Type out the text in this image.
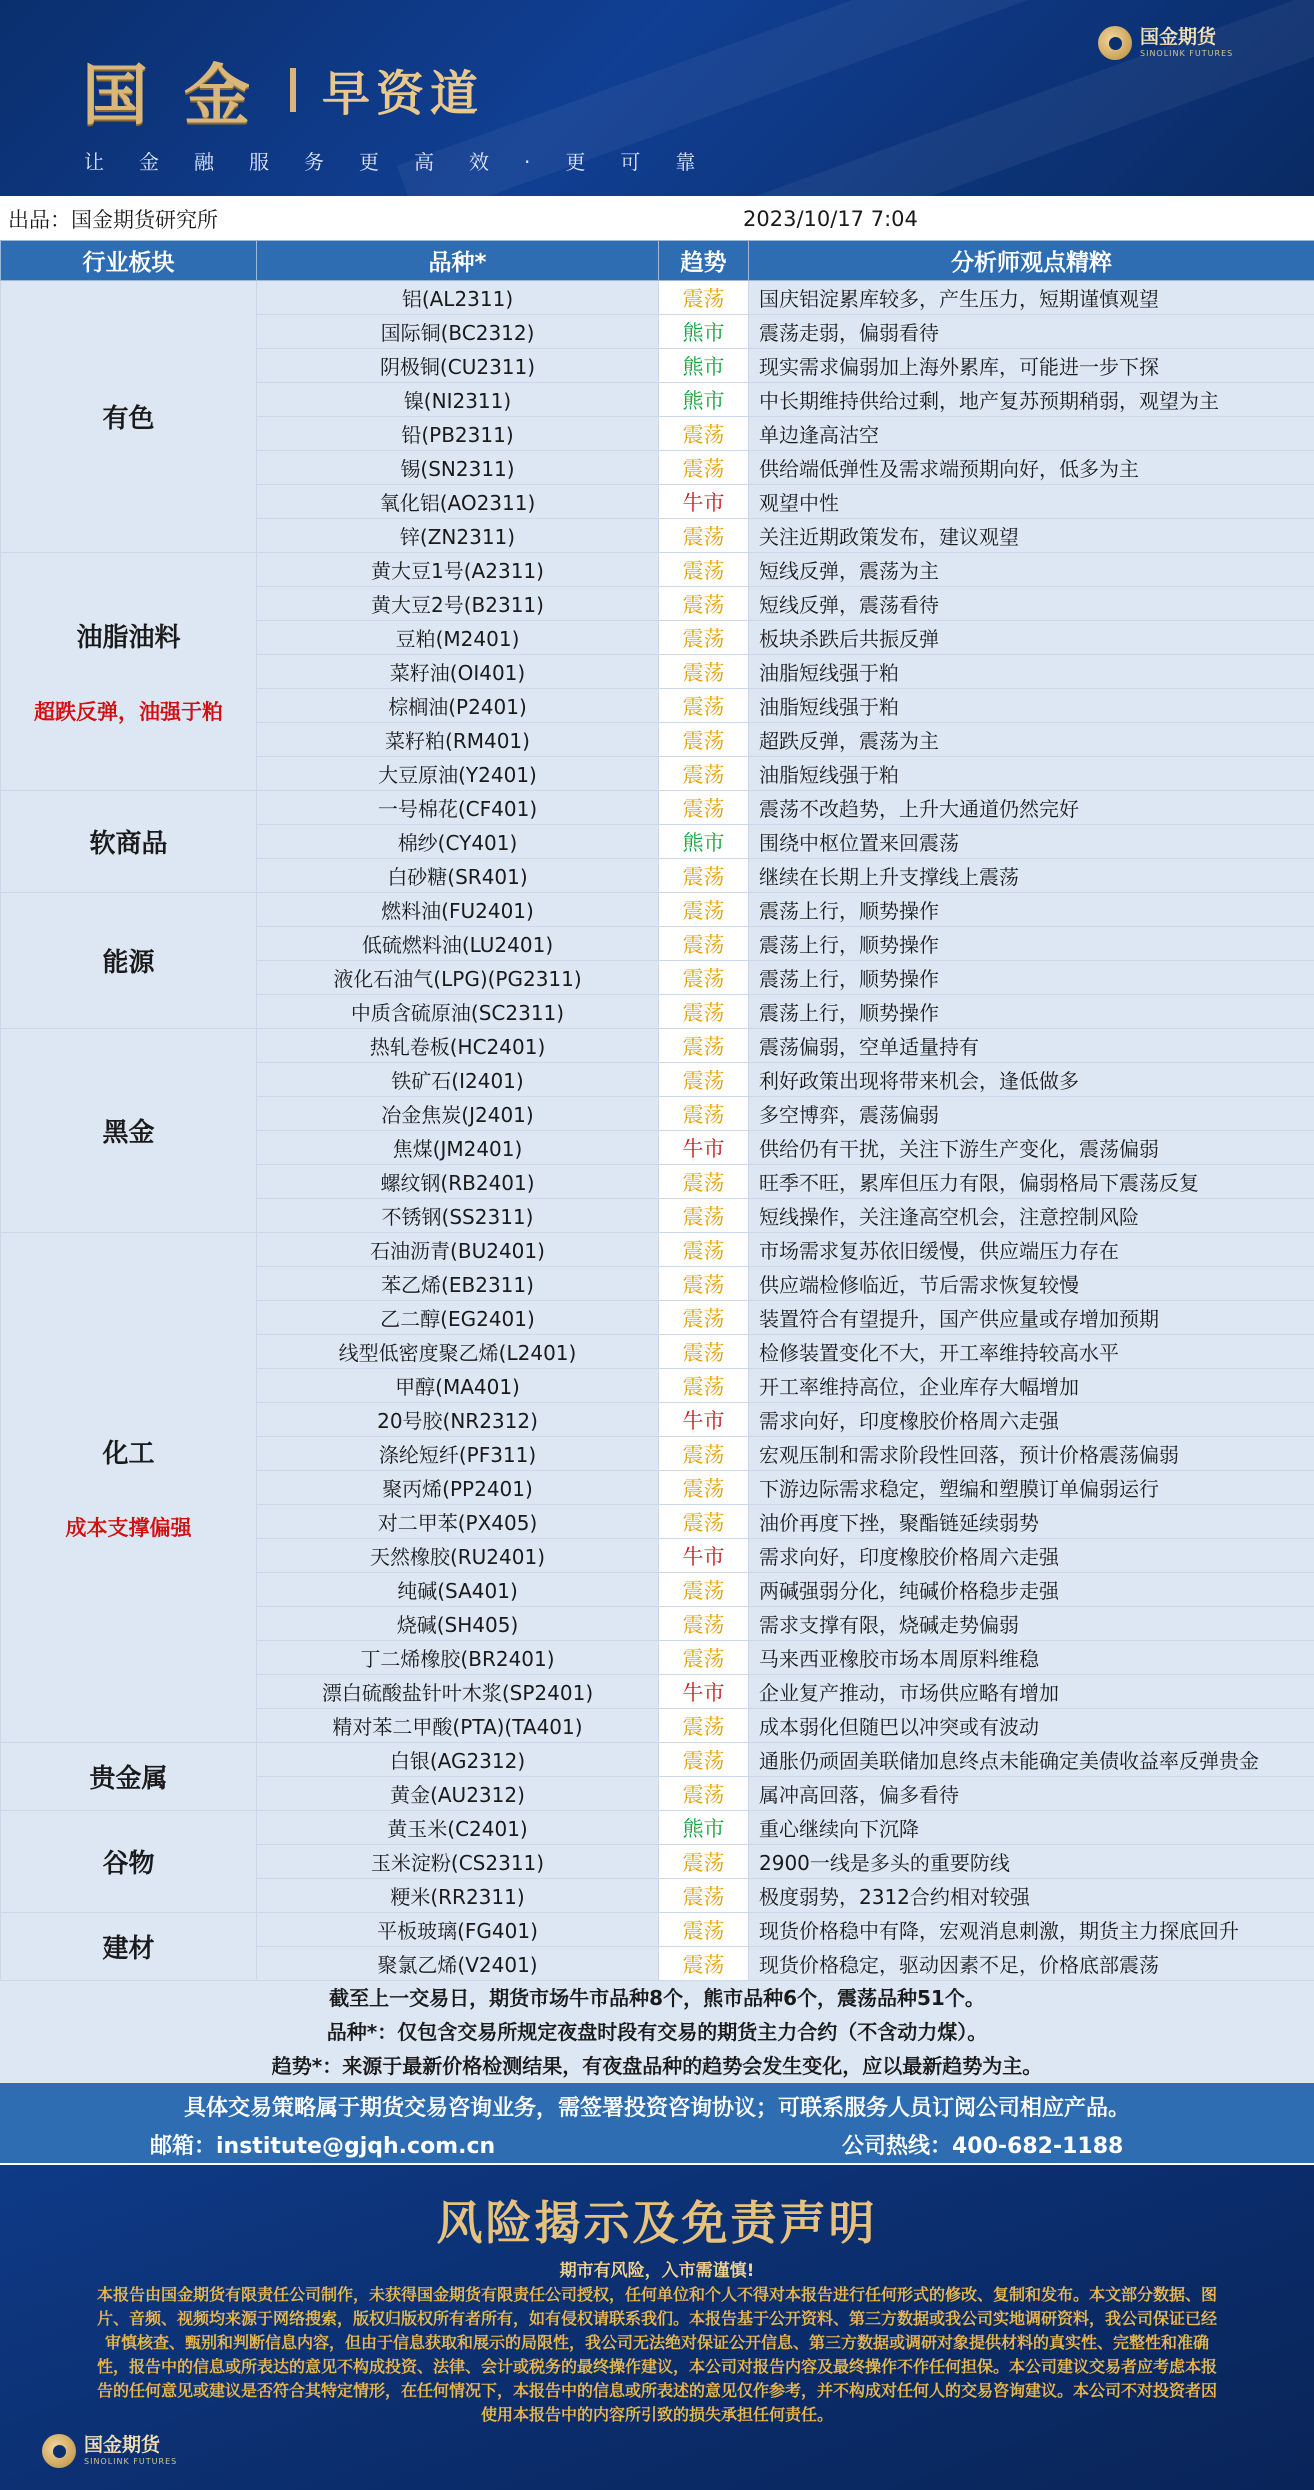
国金 早资道
让金融服务更高效·更可靠
国金期货
SINOLINK FUTURES
出品：国金期货研究所	2023/10/17 7:04
行业板块	品种*	趋势	分析师观点精粹

有色	铝(AL2311)	震荡	国庆铝淀累库较多，产生压力，短期谨慎观望
	国际铜(BC2312)	熊市	震荡走弱，偏弱看待
	阴极铜(CU2311)	熊市	现实需求偏弱加上海外累库，可能进一步下探
	镍(NI2311)	熊市	中长期维持供给过剩，地产复苏预期稍弱，观望为主
	铅(PB2311)	震荡	单边逢高沽空
	锡(SN2311)	震荡	供给端低弹性及需求端预期向好，低多为主
	氧化铝(AO2311)	牛市	观望中性
	锌(ZN2311)	震荡	关注近期政策发布，建议观望

油脂油料
超跌反弹，油强于粕	黄大豆1号(A2311)	震荡	短线反弹，震荡为主
	黄大豆2号(B2311)	震荡	短线反弹，震荡看待
	豆粕(M2401)	震荡	板块杀跌后共振反弹
	菜籽油(OI401)	震荡	油脂短线强于粕
	棕榈油(P2401)	震荡	油脂短线强于粕
	菜籽粕(RM401)	震荡	超跌反弹，震荡为主
	大豆原油(Y2401)	震荡	油脂短线强于粕

软商品	一号棉花(CF401)	震荡	震荡不改趋势，上升大通道仍然完好
	棉纱(CY401)	熊市	围绕中枢位置来回震荡
	白砂糖(SR401)	震荡	继续在长期上升支撑线上震荡

能源	燃料油(FU2401)	震荡	震荡上行，顺势操作
	低硫燃料油(LU2401)	震荡	震荡上行，顺势操作
	液化石油气(LPG)(PG2311)	震荡	震荡上行，顺势操作
	中质含硫原油(SC2311)	震荡	震荡上行，顺势操作

黑金	热轧卷板(HC2401)	震荡	震荡偏弱，空单适量持有
	铁矿石(I2401)	震荡	利好政策出现将带来机会，逢低做多
	冶金焦炭(J2401)	震荡	多空博弈，震荡偏弱
	焦煤(JM2401)	牛市	供给仍有干扰，关注下游生产变化，震荡偏弱
	螺纹钢(RB2401)	震荡	旺季不旺，累库但压力有限，偏弱格局下震荡反复
	不锈钢(SS2311)	震荡	短线操作，关注逢高空机会，注意控制风险

化工
成本支撑偏强	石油沥青(BU2401)	震荡	市场需求复苏依旧缓慢，供应端压力存在
	苯乙烯(EB2311)	震荡	供应端检修临近，节后需求恢复较慢
	乙二醇(EG2401)	震荡	装置符合有望提升，国产供应量或存增加预期
	线型低密度聚乙烯(L2401)	震荡	检修装置变化不大，开工率维持较高水平
	甲醇(MA401)	震荡	开工率维持高位，企业库存大幅增加
	20号胶(NR2312)	牛市	需求向好，印度橡胶价格周六走强
	涤纶短纤(PF311)	震荡	宏观压制和需求阶段性回落，预计价格震荡偏弱
	聚丙烯(PP2401)	震荡	下游边际需求稳定，塑编和塑膜订单偏弱运行
	对二甲苯(PX405)	震荡	油价再度下挫，聚酯链延续弱势
	天然橡胶(RU2401)	牛市	需求向好，印度橡胶价格周六走强
	纯碱(SA401)	震荡	两碱强弱分化，纯碱价格稳步走强
	烧碱(SH405)	震荡	需求支撑有限，烧碱走势偏弱
	丁二烯橡胶(BR2401)	震荡	马来西亚橡胶市场本周原料维稳
	漂白硫酸盐针叶木浆(SP2401)	牛市	企业复产推动，市场供应略有增加
	精对苯二甲酸(PTA)(TA401)	震荡	成本弱化但随巴以冲突或有波动

贵金属	白银(AG2312)	震荡	通胀仍顽固美联储加息终点未能确定美债收益率反弹贵金
	黄金(AU2312)	震荡	属冲高回落，偏多看待

谷物	黄玉米(C2401)	熊市	重心继续向下沉降
	玉米淀粉(CS2311)	震荡	2900一线是多头的重要防线
	粳米(RR2311)	震荡	极度弱势，2312合约相对较强

建材	平板玻璃(FG401)	震荡	现货价格稳中有降，宏观消息刺激，期货主力探底回升
	聚氯乙烯(V2401)	震荡	现货价格稳定，驱动因素不足，价格底部震荡
截至上一交易日，期货市场牛市品种8个，熊市品种6个，震荡品种51个。
品种*：仅包含交易所规定夜盘时段有交易的期货主力合约（不含动力煤）。
趋势*：来源于最新价格检测结果，有夜盘品种的趋势会发生变化，应以最新趋势为主。
具体交易策略属于期货交易咨询业务，需签署投资咨询协议；可联系服务人员订阅公司相应产品。
邮箱：institute@gjqh.com.cn	公司热线：400-682-1188
风险揭示及免责声明
期市有风险，入市需谨慎!
本报告由国金期货有限责任公司制作，未获得国金期货有限责任公司授权，任何单位和个人不得对本报告进行任何形式的修改、复制和发布。本文部分数据、图片、音频、视频均来源于网络搜索，版权归版权所有者所有，如有侵权请联系我们。本报告基于公开资料、第三方数据或我公司实地调研资料，我公司保证已经审慎核查、甄别和判断信息内容，但由于信息获取和展示的局限性，我公司无法绝对保证公开信息、第三方数据或调研对象提供材料的真实性、完整性和准确性，报告中的信息或所表达的意见不构成投资、法律、会计或税务的最终操作建议，本公司对报告内容及最终操作不作任何担保。本公司建议交易者应考虑本报告的任何意见或建议是否符合其特定情形，在任何情况下，本报告中的信息或所表述的意见仅作参考，并不构成对任何人的交易咨询建议。本公司不对投资者因使用本报告中的内容所引致的损失承担任何责任。
国金期货
SINOLINK FUTURES
